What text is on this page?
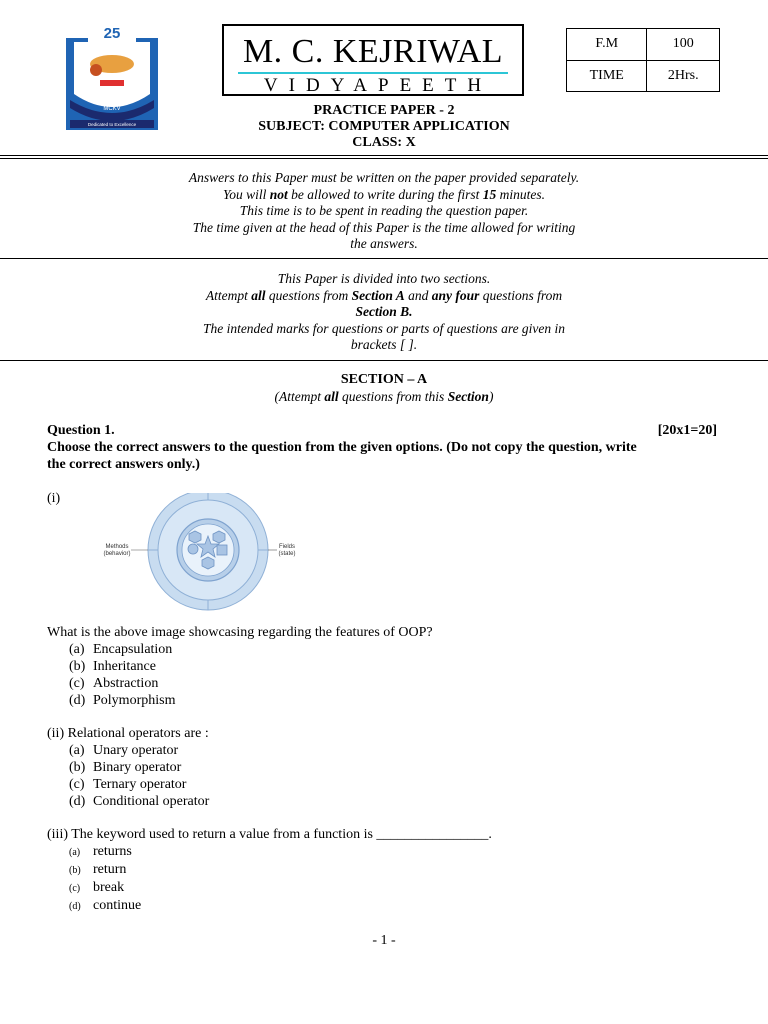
25
MCKV
Dedicated to Excellence
M. C. KEJRIWAL
VIDYAPEETH
F.M	100
TIME	2Hrs.
PRACTICE PAPER - 2
SUBJECT: COMPUTER APPLICATION
CLASS: X
Answers to this Paper must be written on the paper provided separately.
You will not be allowed to write during the first 15 minutes.
This time is to be spent in reading the question paper.
The time given at the head of this Paper is the time allowed for writing
the answers.
This Paper is divided into two sections.
Attempt all questions from Section A and any four questions from
Section B.
The intended marks for questions or parts of questions are given in
brackets [ ].
SECTION – A
(Attempt all questions from this Section)
Question 1.	[20x1=20]
Choose the correct answers to the question from the given options. (Do not copy the question, write
the correct answers only.)
(i)
Methods
(behavior)
Fields
(state)
What is the above image showcasing regarding the features of OOP?
(a) Encapsulation
(b) Inheritance
(c) Abstraction
(d) Polymorphism
(ii) Relational operators are :
(a) Unary operator
(b) Binary operator
(c) Ternary operator
(d) Conditional operator
(iii) The keyword used to return a value from a function is ________________.
(a) returns
(b) return
(c) break
(d) continue
- 1 -
